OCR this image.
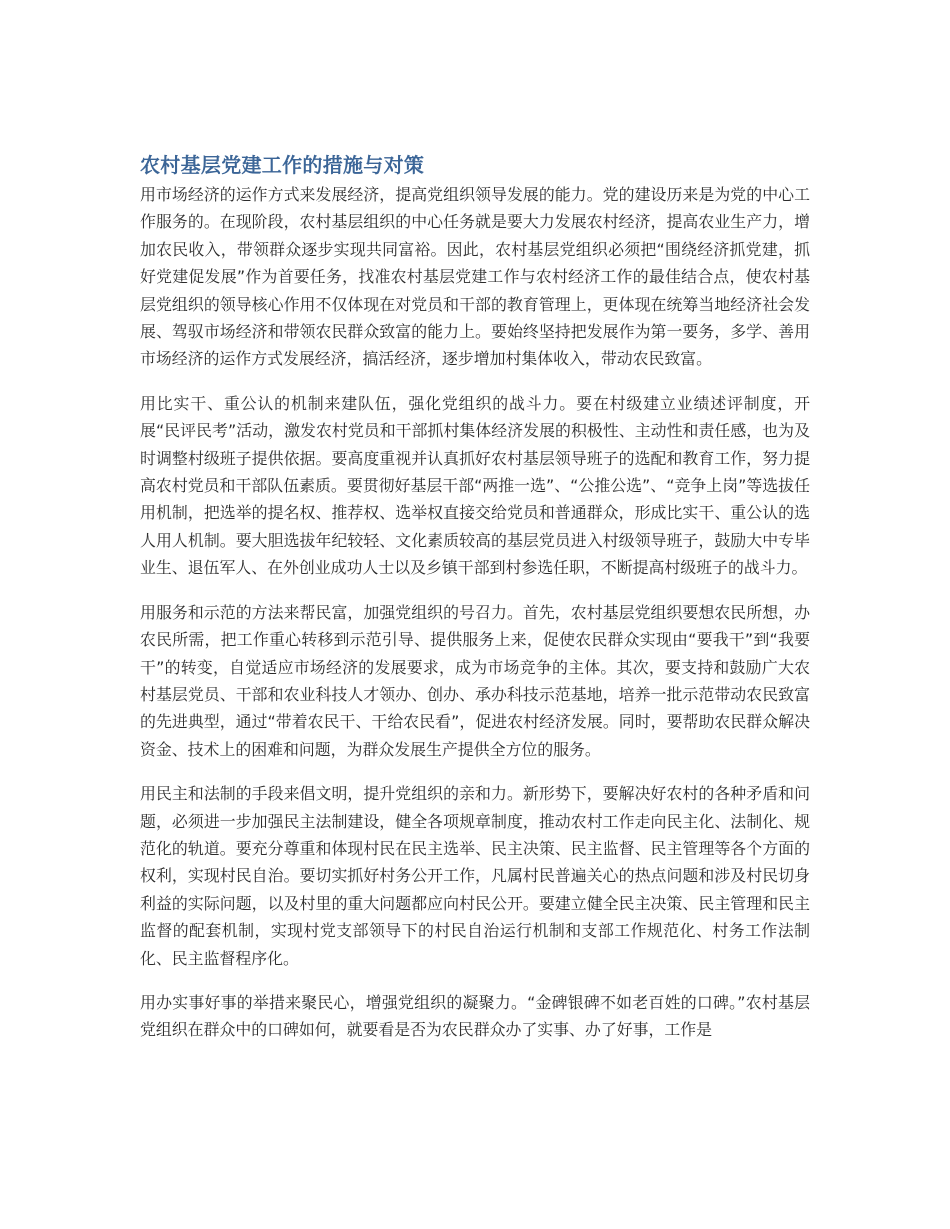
农村基层党建工作的措施与对策

用市场经济的运作方式来发展经济，提高党组织领导发展的能力。党的建设历来是为党的中心工作服务的。在现阶段，农村基层组织的中心任务就是要大力发展农村经济，提高农业生产力，增加农民收入，带领群众逐步实现共同富裕。因此，农村基层党组织必须把“围绕经济抓党建，抓好党建促发展”作为首要任务，找准农村基层党建工作与农村经济工作的最佳结合点，使农村基层党组织的领导核心作用不仅体现在对党员和干部的教育管理上，更体现在统筹当地经济社会发展、驾驭市场经济和带领农民群众致富的能力上。要始终坚持把发展作为第一要务，多学、善用市场经济的运作方式发展经济，搞活经济，逐步增加村集体收入，带动农民致富。

用比实干、重公认的机制来建队伍，强化党组织的战斗力。要在村级建立业绩述评制度，开展“民评民考”活动，激发农村党员和干部抓村集体经济发展的积极性、主动性和责任感，也为及时调整村级班子提供依据。要高度重视并认真抓好农村基层领导班子的选配和教育工作，努力提高农村党员和干部队伍素质。要贯彻好基层干部“两推一选”、“公推公选”、“竞争上岗”等选拔任用机制，把选举的提名权、推荐权、选举权直接交给党员和普通群众，形成比实干、重公认的选人用人机制。要大胆选拔年纪较轻、文化素质较高的基层党员进入村级领导班子，鼓励大中专毕业生、退伍军人、在外创业成功人士以及乡镇干部到村参选任职，不断提高村级班子的战斗力。

用服务和示范的方法来帮民富，加强党组织的号召力。首先，农村基层党组织要想农民所想，办农民所需，把工作重心转移到示范引导、提供服务上来，促使农民群众实现由“要我干”到“我要干”的转变，自觉适应市场经济的发展要求，成为市场竞争的主体。其次，要支持和鼓励广大农村基层党员、干部和农业科技人才领办、创办、承办科技示范基地，培养一批示范带动农民致富的先进典型，通过“带着农民干、干给农民看”，促进农村经济发展。同时，要帮助农民群众解决资金、技术上的困难和问题，为群众发展生产提供全方位的服务。

用民主和法制的手段来倡文明，提升党组织的亲和力。新形势下，要解决好农村的各种矛盾和问题，必须进一步加强民主法制建设，健全各项规章制度，推动农村工作走向民主化、法制化、规范化的轨道。要充分尊重和体现村民在民主选举、民主决策、民主监督、民主管理等各个方面的权利，实现村民自治。要切实抓好村务公开工作，凡属村民普遍关心的热点问题和涉及村民切身利益的实际问题，以及村里的重大问题都应向村民公开。要建立健全民主决策、民主管理和民主监督的配套机制，实现村党支部领导下的村民自治运行机制和支部工作规范化、村务工作法制化、民主监督程序化。

用办实事好事的举措来聚民心，增强党组织的凝聚力。“金碑银碑不如老百姓的口碑。”农村基层党组织在群众中的口碑如何，就要看是否为农民群众办了实事、办了好事，工作是
